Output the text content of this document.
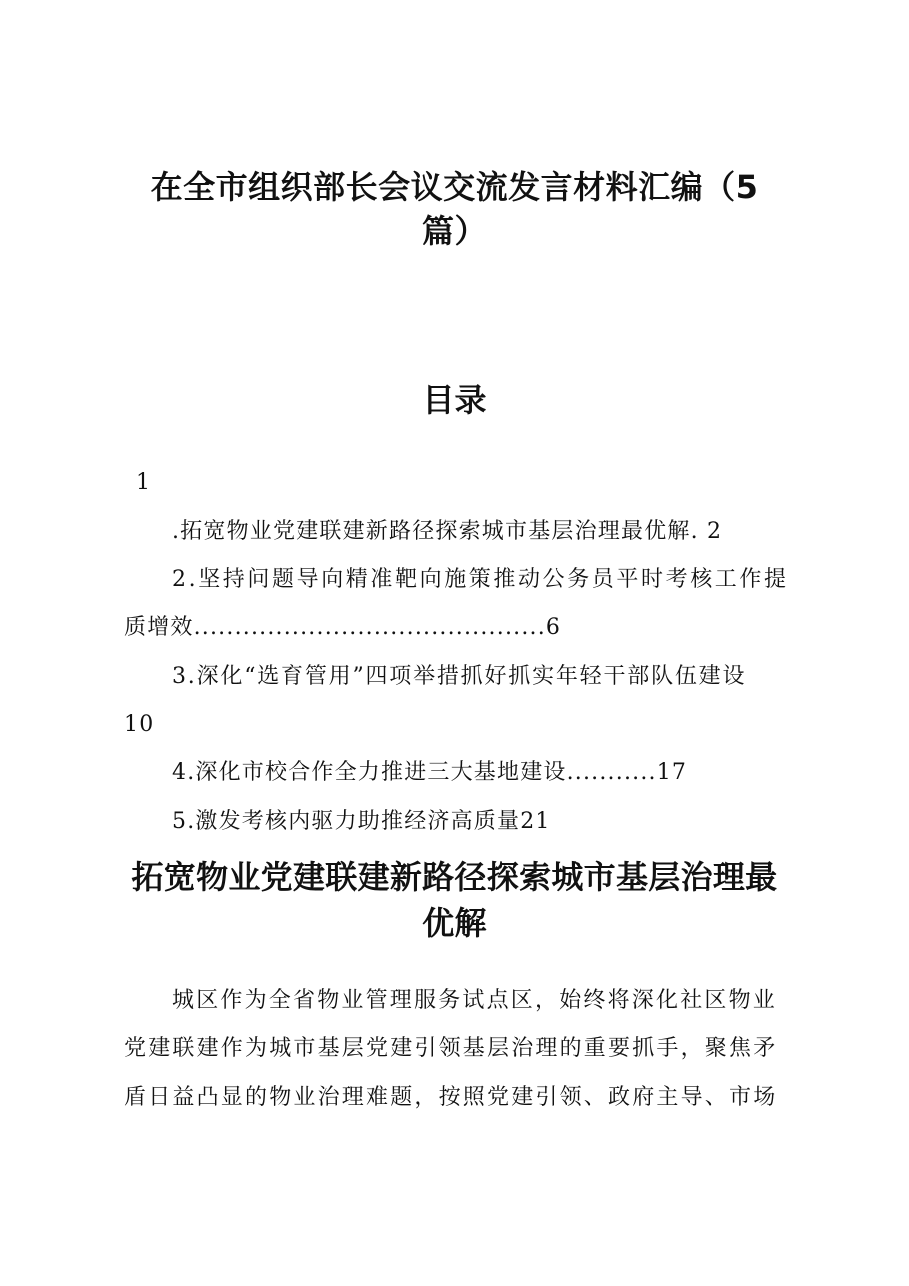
在全市组织部长会议交流发言材料汇编（5
篇）
目录
1
.拓宽物业党建联建新路径探索城市基层治理最优解. 2
2.坚持问题导向精准靶向施策推动公务员平时考核工作提
质增效...........................................6
3.深化“选育管用”四项举措抓好抓实年轻干部队伍建设
10
4.深化市校合作全力推进三大基地建设...........17
5.激发考核内驱力助推经济高质量21
拓宽物业党建联建新路径探索城市基层治理最
优解
城区作为全省物业管理服务试点区，始终将深化社区物业
党建联建作为城市基层党建引领基层治理的重要抓手，聚焦矛
盾日益凸显的物业治理难题，按照党建引领、政府主导、市场
